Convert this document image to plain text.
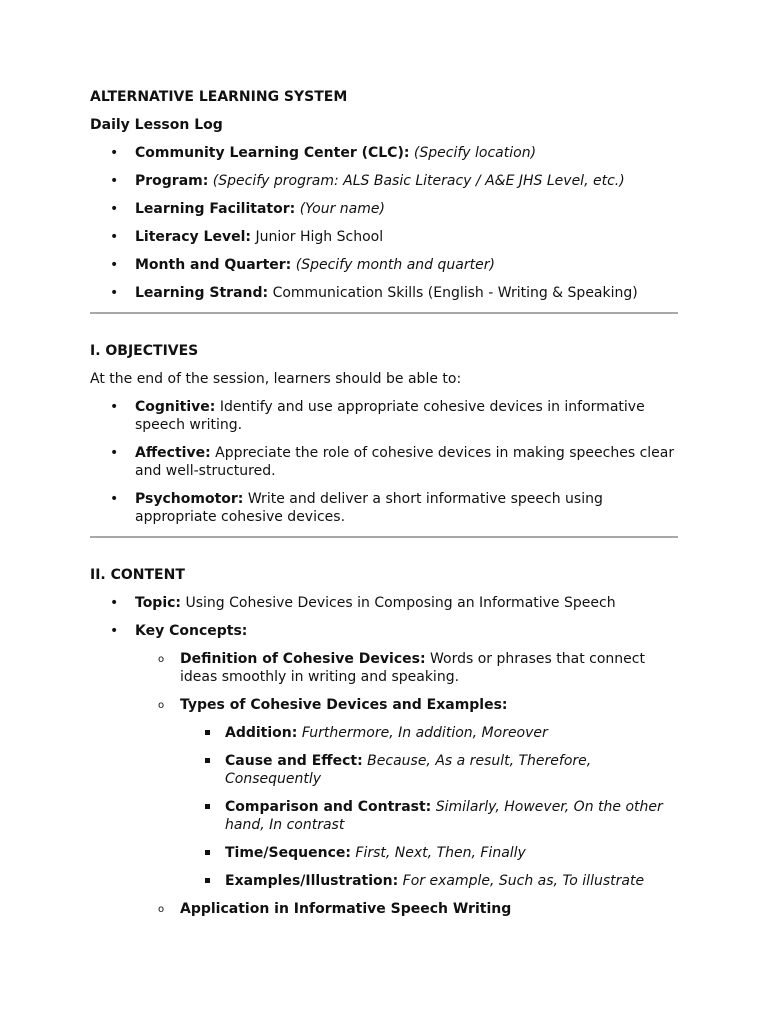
ALTERNATIVE LEARNING SYSTEM

Daily Lesson Log

• Community Learning Center (CLC): (Specify location)
• Program: (Specify program: ALS Basic Literacy / A&E JHS Level, etc.)
• Learning Facilitator: (Your name)
• Literacy Level: Junior High School
• Month and Quarter: (Specify month and quarter)
• Learning Strand: Communication Skills (English - Writing & Speaking)

I. OBJECTIVES

At the end of the session, learners should be able to:

• Cognitive: Identify and use appropriate cohesive devices in informative speech writing.
• Affective: Appreciate the role of cohesive devices in making speeches clear and well-structured.
• Psychomotor: Write and deliver a short informative speech using appropriate cohesive devices.

II. CONTENT

• Topic: Using Cohesive Devices in Composing an Informative Speech
• Key Concepts:
o Definition of Cohesive Devices: Words or phrases that connect ideas smoothly in writing and speaking.
o Types of Cohesive Devices and Examples:
Addition: Furthermore, In addition, Moreover
Cause and Effect: Because, As a result, Therefore, Consequently
Comparison and Contrast: Similarly, However, On the other hand, In contrast
Time/Sequence: First, Next, Then, Finally
Examples/Illustration: For example, Such as, To illustrate
o Application in Informative Speech Writing
